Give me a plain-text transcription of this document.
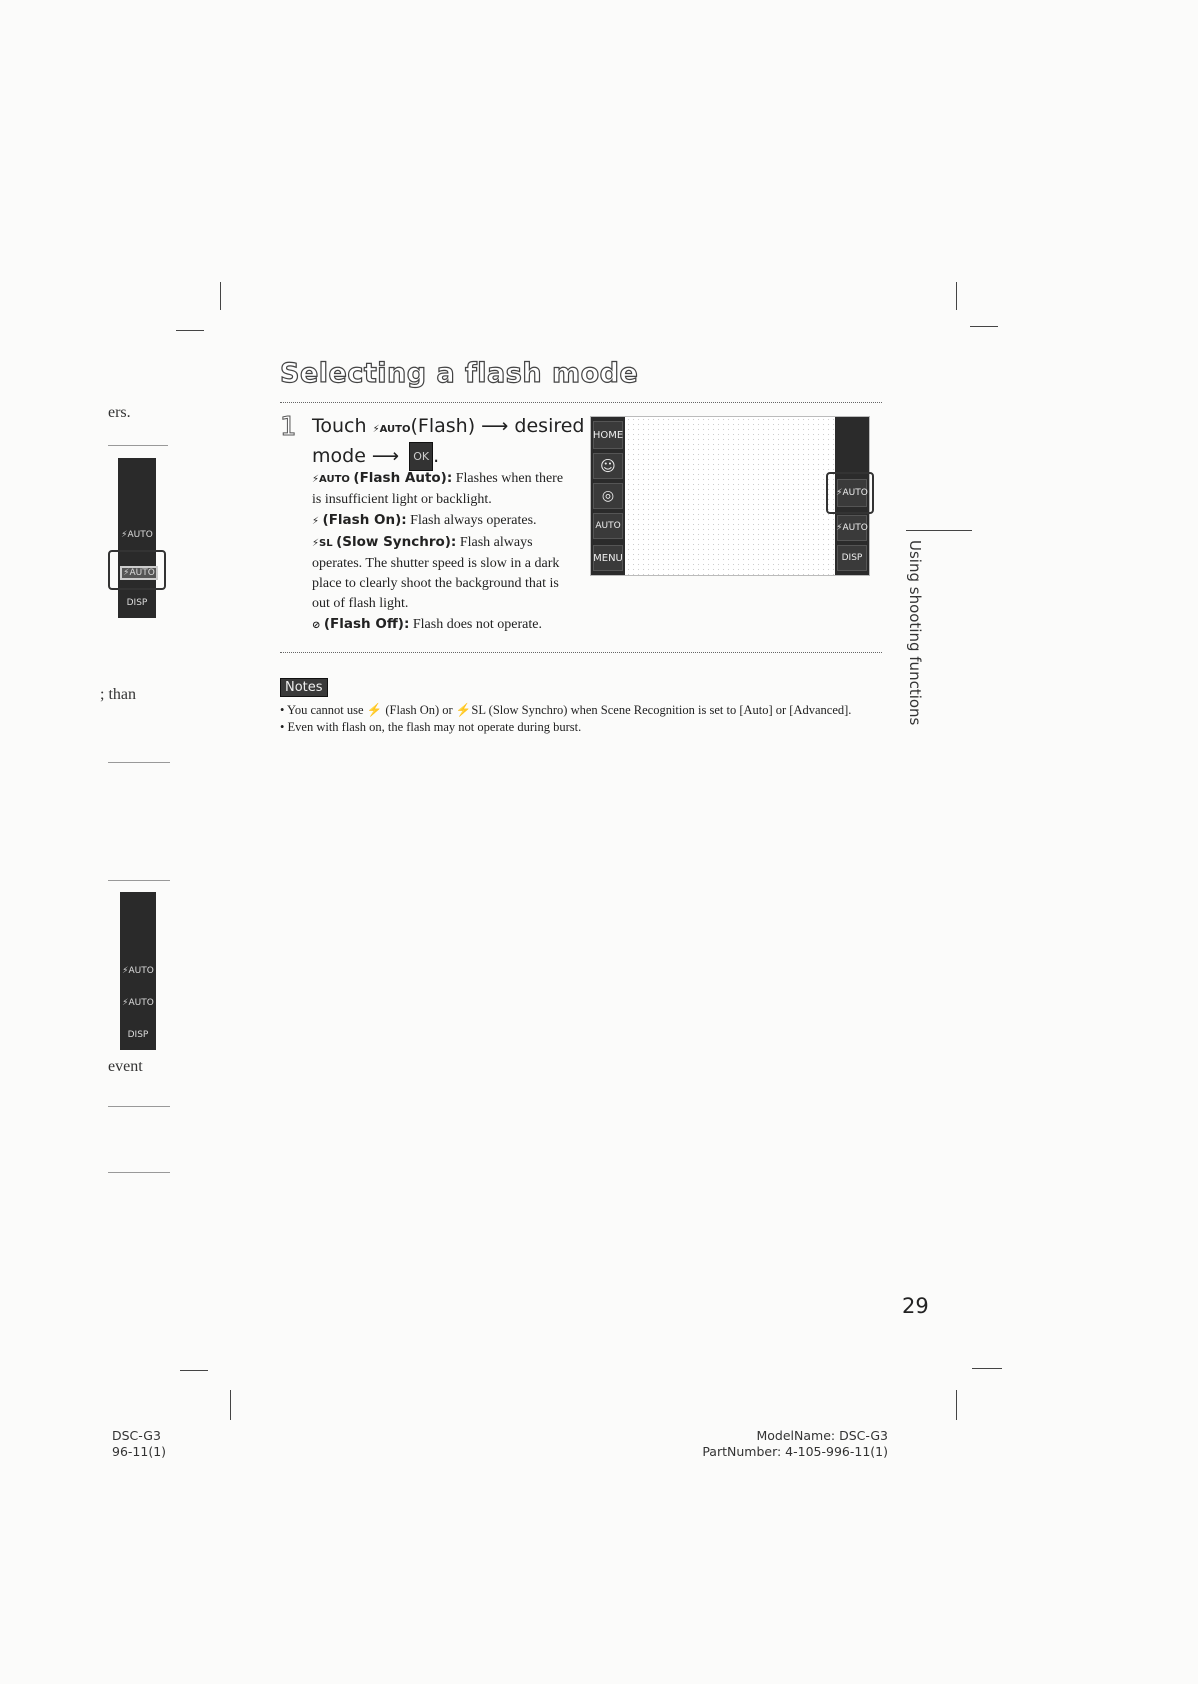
ers.
⚡AUTO
⚡AUTO
DISP
; than
⚡AUTO
⚡AUTO
DISP
event
Selecting a flash mode
1 Touch ⚡AUTO(Flash) ⟶ desired
mode ⟶ OK .
⚡AUTO (Flash Auto): Flashes when there is insufficient light or backlight.
⚡ (Flash On): Flash always operates.
⚡SL (Slow Synchro): Flash always operates. The shutter speed is slow in a dark place to clearly shoot the background that is out of flash light.
⊘ (Flash Off): Flash does not operate.
HOME
☺
◎
AUTO
MENU
⚡AUTO
⚡AUTO
DISP
Notes
• You cannot use ⚡ (Flash On) or ⚡SL (Slow Synchro) when Scene Recognition is set to [Auto] or [Advanced].
• Even with flash on, the flash may not operate during burst.
Using shooting functions
29
DSC-G3
96-11(1)
ModelName: DSC-G3
PartNumber: 4-105-996-11(1)
